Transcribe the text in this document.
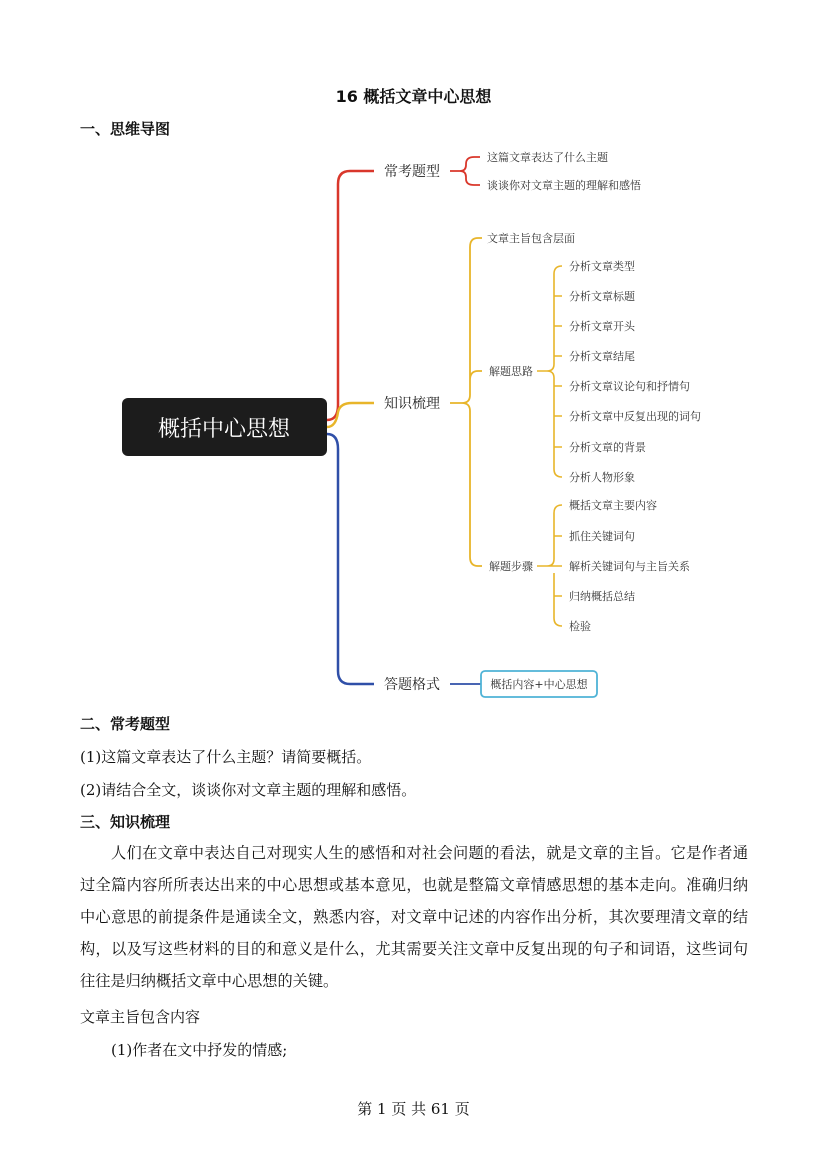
16 概括文章中心思想
一、思维导图
概括中心思想
常考题型
这篇文章表达了什么主题
谈谈你对文章主题的理解和感悟
知识梳理
文章主旨包含层面
解题思路
分析文章类型
分析文章标题
分析文章开头
分析文章结尾
分析文章议论句和抒情句
分析文章中反复出现的词句
分析文章的背景
分析人物形象
解题步骤
概括文章主要内容
抓住关键词句
解析关键词句与主旨关系
归纳概括总结
检验
答题格式	概括内容+中心思想
二、常考题型
(1)这篇文章表达了什么主题？请简要概括。
(2)请结合全文，谈谈你对文章主题的理解和感悟。
三、知识梳理
人们在文章中表达自己对现实人生的感悟和对社会问题的看法，就是文章的主旨。它是作者通过全篇内容所所表达出来的中心思想或基本意见，也就是整篇文章情感思想的基本走向。准确归纳中心意思的前提条件是通读全文，熟悉内容，对文章中记述的内容作出分析，其次要理清文章的结构，以及写这些材料的目的和意义是什么，尤其需要关注文章中反复出现的句子和词语，这些词句往往是归纳概括文章中心思想的关键。
文章主旨包含内容
(1)作者在文中抒发的情感;
第 1 页 共 61 页
